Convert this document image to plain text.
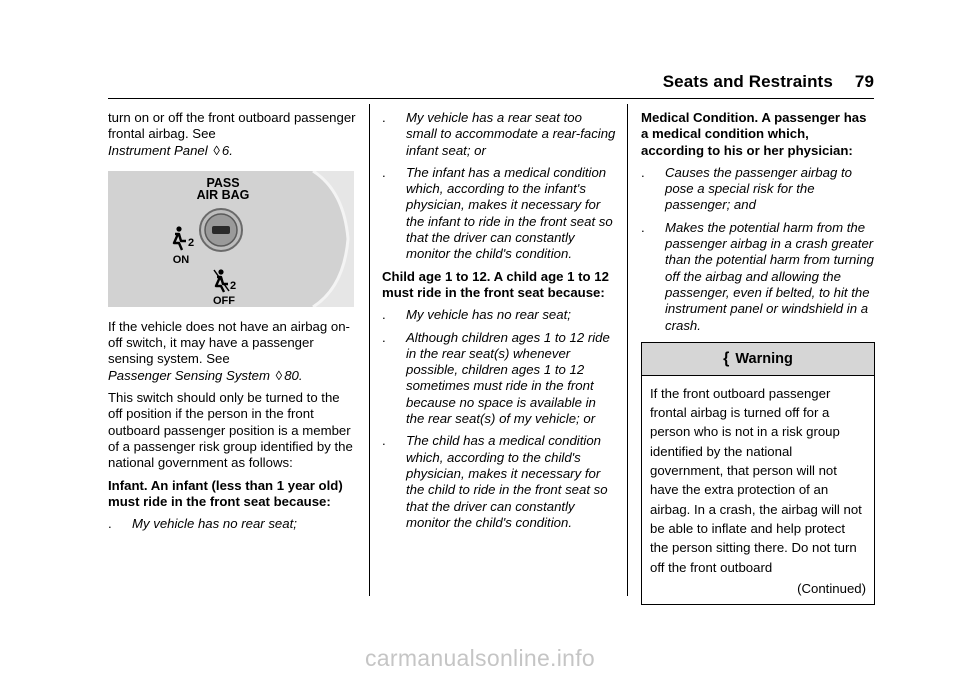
Seats and Restraints 79

turn on or off the front outboard passenger frontal airbag. See
Instrument Panel ◊ 6.

PASS
AIR BAG
2
ON
2
OFF

If the vehicle does not have an airbag on-off switch, it may have a passenger sensing system. See
Passenger Sensing System ◊ 80.

This switch should only be turned to the off position if the person in the front outboard passenger position is a member of a passenger risk group identified by the national government as follows:

Infant. An infant (less than 1 year old) must ride in the front seat because:

.	My vehicle has no rear seat;
.	My vehicle has a rear seat too small to accommodate a rear-facing infant seat; or
.	The infant has a medical condition which, according to the infant's physician, makes it necessary for the infant to ride in the front seat so that the driver can constantly monitor the child's condition.

Child age 1 to 12. A child age 1 to 12 must ride in the front seat because:

.	My vehicle has no rear seat;
.	Although children ages 1 to 12 ride in the rear seat(s) whenever possible, children ages 1 to 12 sometimes must ride in the front because no space is available in the rear seat(s) of my vehicle; or
.	The child has a medical condition which, according to the child's physician, makes it necessary for the child to ride in the front seat so that the driver can constantly monitor the child's condition.

Medical Condition. A passenger has a medical condition which, according to his or her physician:

.	Causes the passenger airbag to pose a special risk for the passenger; and
.	Makes the potential harm from the passenger airbag in a crash greater than the potential harm from turning off the airbag and allowing the passenger, even if belted, to hit the instrument panel or windshield in a crash.
{ Warning
If the front outboard passenger frontal airbag is turned off for a person who is not in a risk group identified by the national government, that person will not have the extra protection of an airbag. In a crash, the airbag will not be able to inflate and help protect the person sitting there. Do not turn off the front outboard
(Continued)
carmanualsonline.info
